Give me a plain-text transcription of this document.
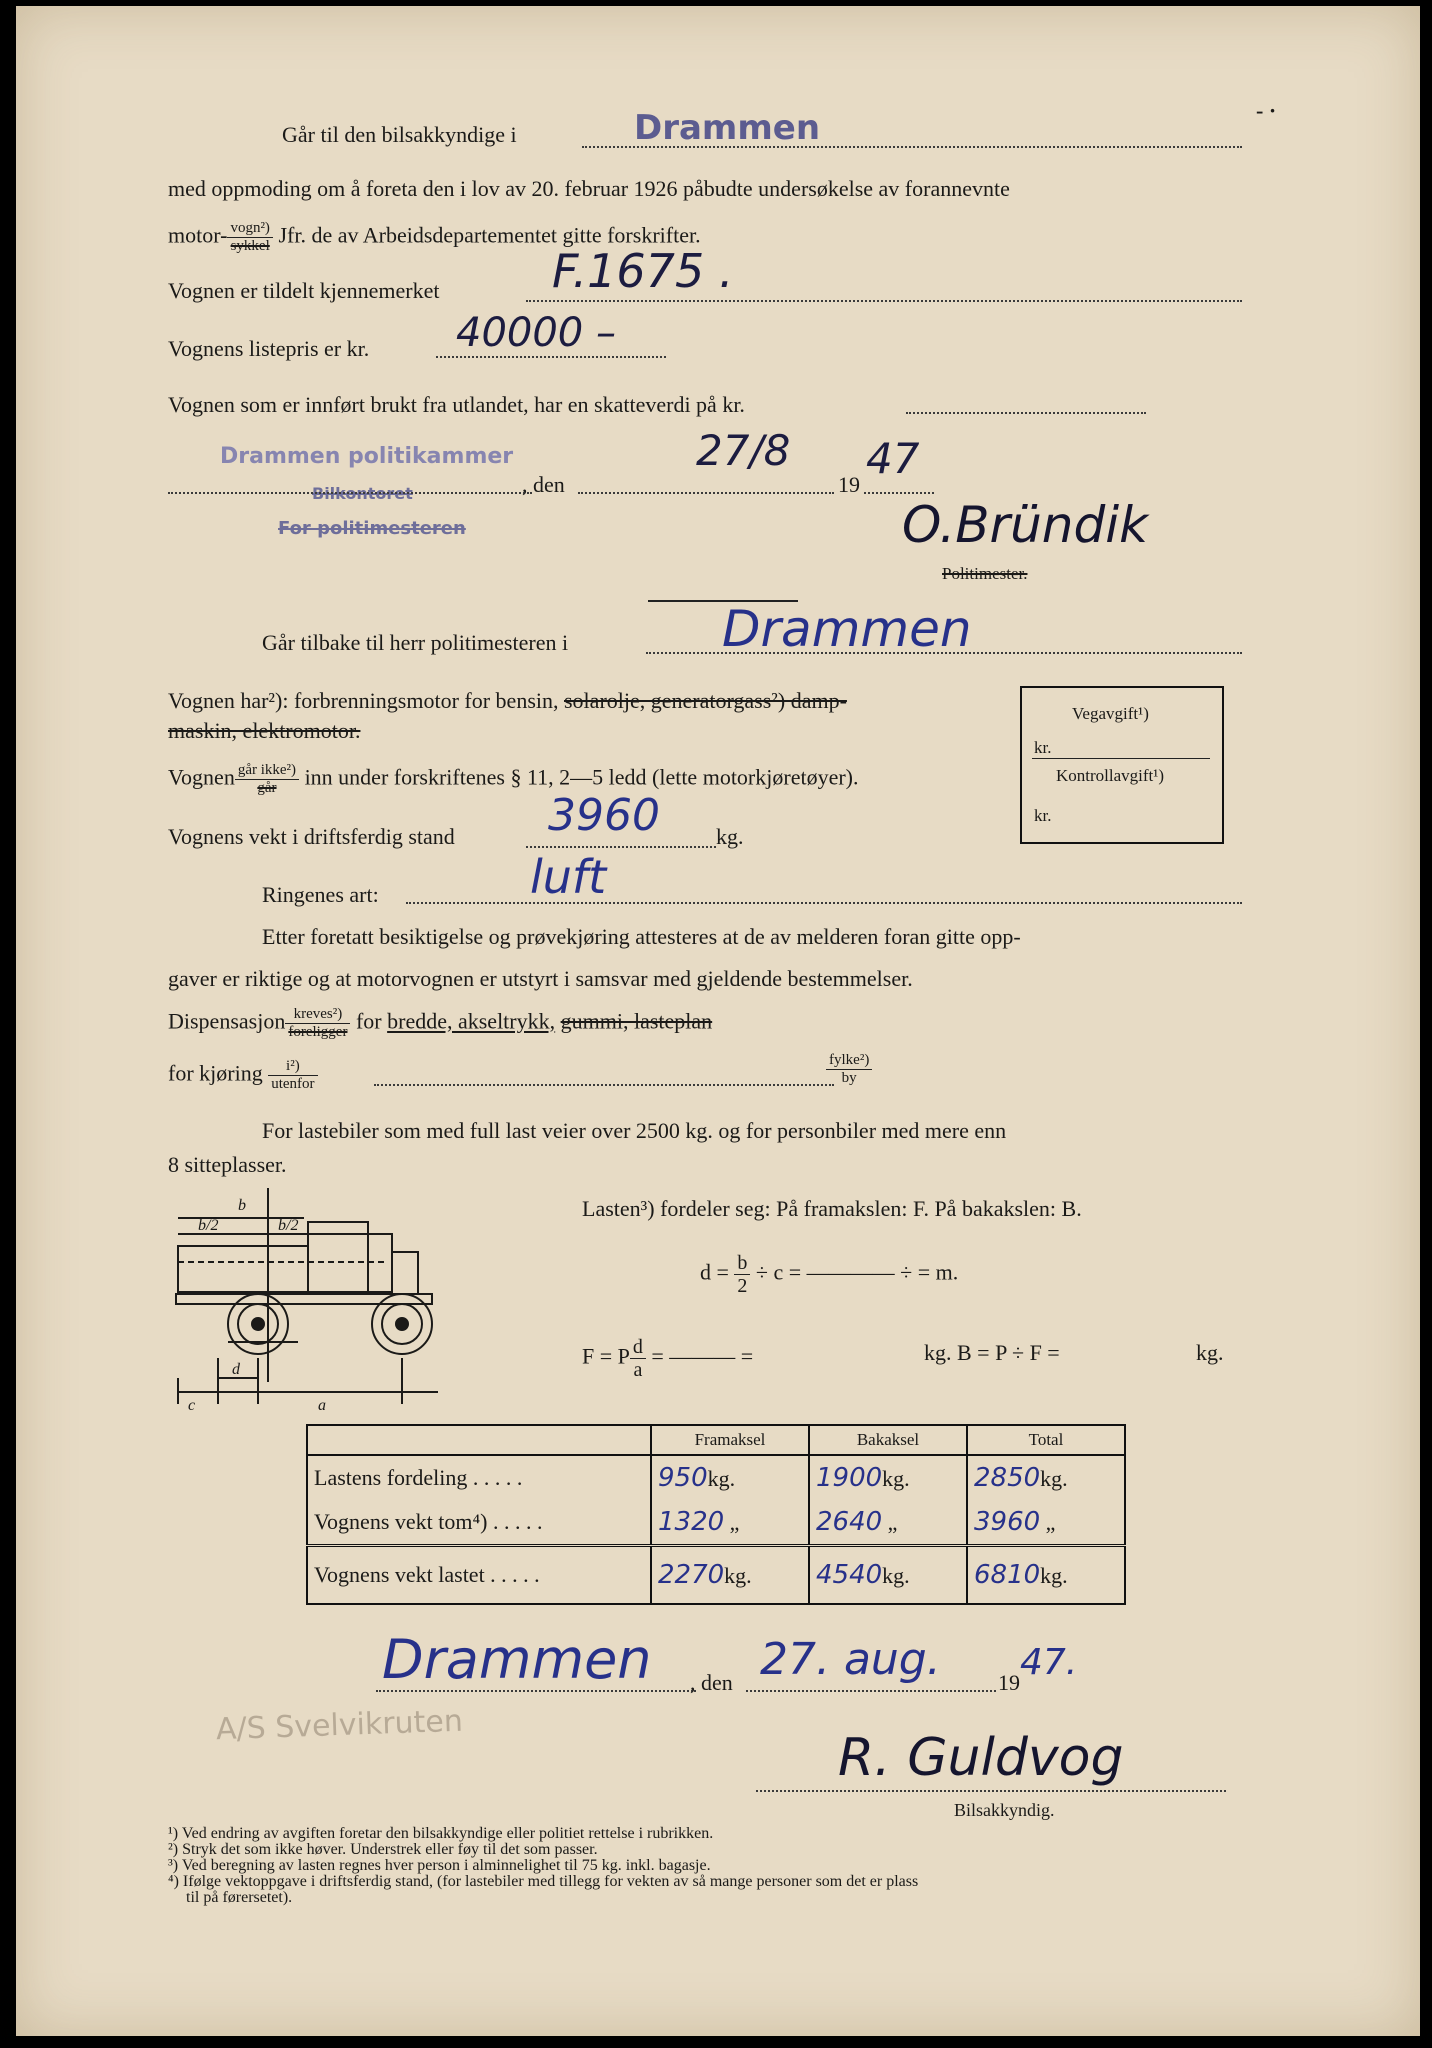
Går til den bilsakkyndige i	Drammen	- ·
med oppmoding om å foreta den i lov av 20. februar 1926 påbudte undersøkelse av forannevnte
motor- $\frac{\text{vogn²)}}{\text{sykkel}}$ Jfr. de av Arbeidsdepartementet gitte forskrifter.
Vognen er tildelt kjennemerket F.1675 .
Vognens listepris er kr. 40000 –
Vognen som er innført brukt fra utlandet, har en skatteverdi på kr.
Drammen politikammer
Bilkontoret
For politimesteren
, den
27/8
19
47
O.Bründik
Politimester.
Går tilbake til herr politimesteren i	Drammen
Vognen har²): forbrenningsmotor for bensin, solarolje, generatorgass²) damp-
maskin, elektromotor.
Vognen $\frac{\text{går ikke²)}}{\text{går}}$ inn under forskriftenes § 11, 2—5 ledd (lette motorkjøretøyer).
Vognens vekt i driftsferdig stand 3960	kg.
Ringenes art:	luft
Vegavgift¹)
kr.
Kontrollavgift¹)
kr.
Etter foretatt besiktigelse og prøvekjøring attesteres at de av melderen foran gitte opp-
gaver er riktige og at motorvognen er utstyrt i samsvar med gjeldende bestemmelser.
Dispensasjon $\frac{\text{kreves²)}}{\text{foreligger}}$ for bredde, akseltrykk, gummi, lasteplan
for kjøring $\frac{\text{i²)}}{\text{utenfor}}$	$\frac{\text{fylke²)}}{by}$
For lastebiler som med full last veier over 2500 kg. og for personbiler med mere enn
8 sitteplasser.
b
b/2	b/2
c
d
a
Lasten³) fordeler seg: På framakslen: F. På bakakslen: B.
$d = \frac{b}{2} \div c$ = ———— ÷ = m.
F = P $\frac{d}{a}$ = ——— =	kg. B = P ÷ F =	kg.
	Framaksel	Bakaksel	Total
Lastens fordeling . . . . .	950kg.	1900kg.	2850kg.
Vognens vekt tom⁴) . . . . .	1320 „	2640 „	3960 „
Vognens vekt lastet . . . . .	2270kg.	4540kg.	6810kg.
Drammen , den 27. aug.	19 47.
A/S Svelvikruten
R. Guldvog
Bilsakkyndig.
¹) Ved endring av avgiften foretar den bilsakkyndige eller politiet rettelse i rubrikken.
²) Stryk det som ikke høver. Understrek eller føy til det som passer.
³) Ved beregning av lasten regnes hver person i alminnelighet til 75 kg. inkl. bagasje.
⁴) Ifølge vektoppgave i driftsferdig stand, (for lastebiler med tillegg for vekten av så mange personer som det er plass
til på førersetet).
